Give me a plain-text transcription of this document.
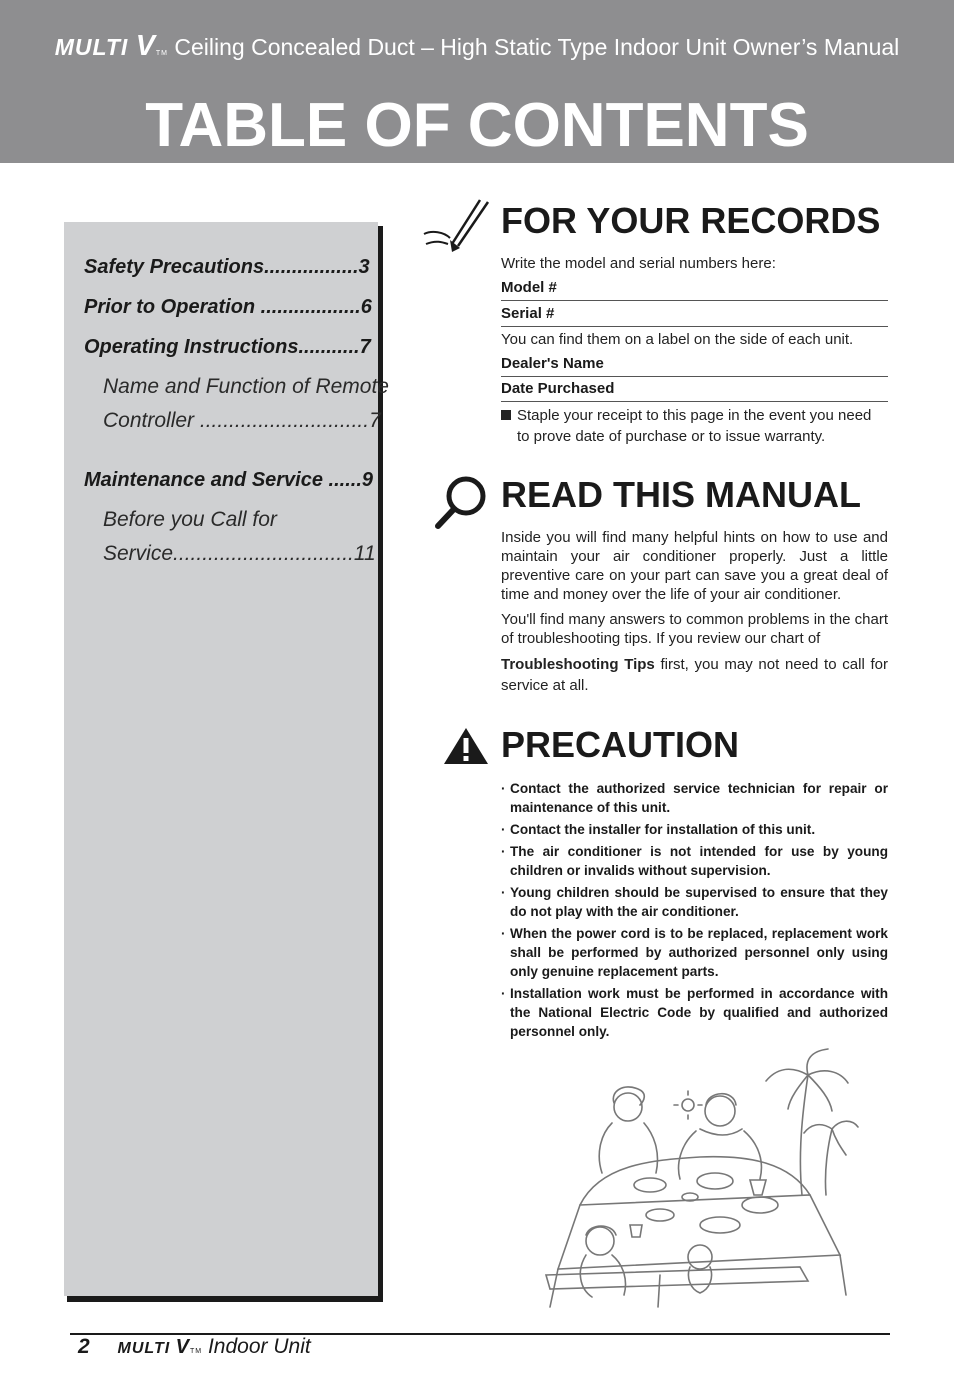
MULTI VTM Ceiling Concealed Duct – High Static Type Indoor Unit Owner’s Manual
TABLE OF CONTENTS
Safety Precautions.................3
Prior to Operation ..................6
Operating Instructions...........7
Name and Function of Remote
Controller .............................7
Maintenance and Service ......9
Before you Call for
Service...............................11
FOR YOUR RECORDS
Write the model and serial numbers here:
Model #
Serial #
You can find them on a label on the side of each unit.
Dealer's Name
Date Purchased
Staple your receipt to this page in the event you need to prove date of purchase or to issue warranty.
READ THIS MANUAL
Inside you will find many helpful hints on how to use and maintain your air conditioner properly. Just a little preventive care on your part can save you a great deal of time and money over the life of your air conditioner.
You'll find many answers to common problems in the chart of troubleshooting tips. If you review our chart of
Troubleshooting Tips first, you may not need to call for service at all.
PRECAUTION
· Contact the authorized service technician for repair or maintenance of this unit.
· Contact the installer for installation of this unit.
· The air conditioner is not intended for use by young children or invalids without supervision.
· Young children should be supervised to ensure that they do not play with the air conditioner.
· When the power cord is to be replaced, replacement work shall be performed by authorized personnel only using only genuine replacement parts.
· Installation work must be performed in accordance with the National Electric Code by qualified and authorized personnel only.
2 MULTI VTM Indoor Unit
